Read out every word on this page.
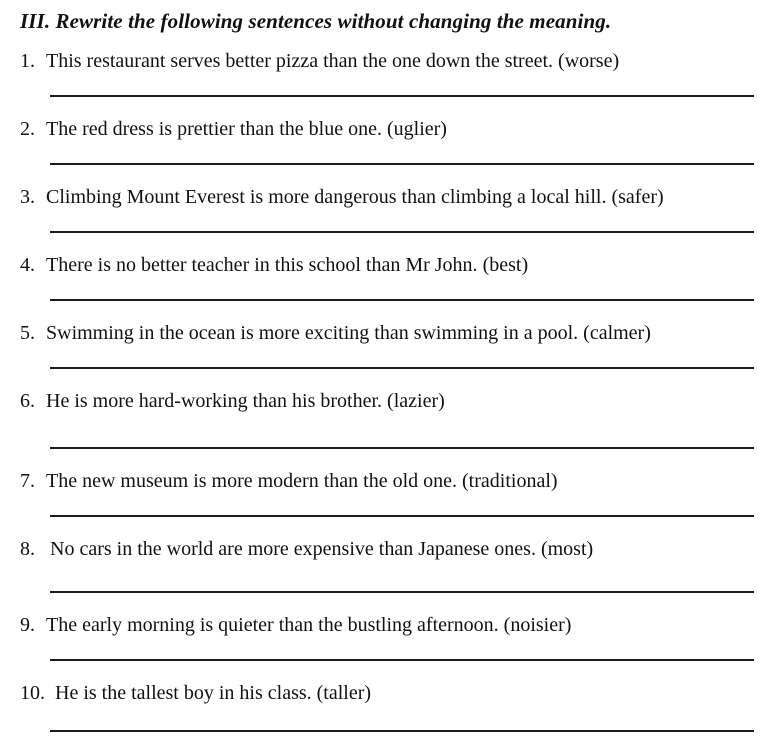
III. Rewrite the following sentences without changing the meaning.
1. This restaurant serves better pizza than the one down the street. (worse)
2. The red dress is prettier than the blue one. (uglier)
3. Climbing Mount Everest is more dangerous than climbing a local hill. (safer)
4. There is no better teacher in this school than Mr John. (best)
5. Swimming in the ocean is more exciting than swimming in a pool. (calmer)
6. He is more hard-working than his brother. (lazier)
7. The new museum is more modern than the old one. (traditional)
8. No cars in the world are more expensive than Japanese ones. (most)
9. The early morning is quieter than the bustling afternoon. (noisier)
10. He is the tallest boy in his class. (taller)
